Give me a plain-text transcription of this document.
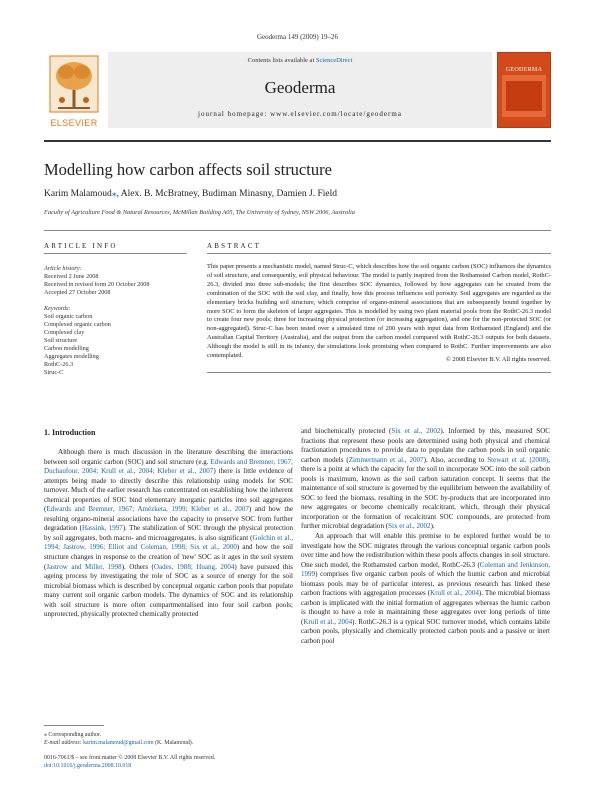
Geoderma 149 (2009) 19–26
ELSEVIER
Contents lists available at ScienceDirect
Geoderma
journal homepage: www.elsevier.com/locate/geoderma
GEODERMA
Modelling how carbon affects soil structure
Karim Malamoud⁎, Alex. B. McBratney, Budiman Minasny, Damien J. Field
Faculty of Agriculture Food & Natural Resources, McMillan Building A05, The University of Sydney, NSW 2006, Australia
ARTICLE INFO	ABSTRACT
Article history:
Received 2 June 2008
Received in revised form 20 October 2008
Accepted 27 October 2008
Keywords:
Soil organic carbon
Complexed organic carbon
Complexed clay
Soil structure
Carbon modelling
Aggregates modelling
RothC-26.3
Struc-C
This paper presents a mechanistic model, named Struc-C, which describes how the soil organic carbon (SOC) influences the dynamics of soil structure, and consequently, soil physical behaviour. The model is partly inspired from the Rothamsted Carbon model, RothC-26.3, divided into three sub-models; the first describes SOC dynamics, followed by how aggregates can be created from the combination of the SOC with the soil clay, and finally, how this process influences soil porosity. Soil aggregates are regarded as the elementary bricks building soil structure, which comprise of organo-mineral associations that are subsequently bound together by more SOC to form the skeleton of larger aggregates. This is modelled by using two plant material pools from the RothC-26.3 model to create four new pools; three for increasing physical protection (or increasing aggregation), and one for the non-protected SOC (or non-aggregated). Struc-C has been tested over a simulated time of 200 years with input data from Rothamsted (England) and the Australian Capital Territory (Australia), and the output from the carbon model compared with RothC-26.3 outputs for both datasets. Although the model is still in its infancy, the simulations look promising when compared to RothC. Further improvements are also contemplated.
© 2008 Elsevier B.V. All rights reserved.
1. Introduction

Although there is much discussion in the literature describing the interactions between soil organic carbon (SOC) and soil structure (e.g. Edwards and Bremner, 1967; Duchaufour, 2004; Krull et al., 2004; Kleber et al., 2007) there is little evidence of attempts being made to directly describe this relationship using models for SOC turnover. Much of the earlier research has concentrated on establishing how the inherent chemical properties of SOC bind elementary inorganic particles into soil aggregates (Edwards and Bremner, 1967; Amézketa, 1999; Kleber et al., 2007) and how the resulting organo-mineral associations have the capacity to preserve SOC from further degradation (Hassink, 1997). The stabilization of SOC through the physical protection by soil aggregates, both macro- and microaggregates, is also significant (Golchin et al., 1994; Jastrow, 1996; Elliot and Coleman, 1998; Six et al., 2000) and how the soil structure changes in response to the creation of 'new' SOC as it ages in the soil system (Jastrow and Miller, 1998). Others (Oades, 1988; Huang, 2004) have pursued this ageing process by investigating the role of SOC as a source of energy for the soil microbial biomass which is described by conceptual organic carbon pools that populate many current soil organic carbon models. The dynamics of SOC and its relationship with soil structure is more often compartmentalised into four soil carbon pools; unprotected, physically protected chemically protected

and biochemically protected (Six et al., 2002). Informed by this, measured SOC fractions that represent these pools are determined using both physical and chemical fractionation procedures to provide data to populate the carbon pools in soil organic carbon models (Zimmermann et al., 2007). Also, according to Stewart et al. (2008), there is a point at which the capacity for the soil to incorporate SOC into the soil carbon pools is maximum, known as the soil carbon saturation concept. It seems that the maintenance of soil structure is governed by the equilibrium between the availability of SOC to feed the biomass, resulting in the SOC by-products that are incorporated into new aggregates or become chemically recalcitrant, which, through their physical incorporation or the formation of recalcitrant SOC compounds, are protected from further microbial degradation (Six et al., 2002).

An approach that will enable this premise to be explored further would be to investigate how the SOC migrates through the various conceptual organic carbon pools over time and how the redistribution within these pools affects changes in soil structure. One such model, the Rothamsted carbon model, RothC-26.3 (Coleman and Jenkinson, 1999) comprises five organic carbon pools of which the humic carbon and microbial biomass pools may be of particular interest, as previous research has linked these carbon fractions with aggregation processes (Krull et al., 2004). The microbial biomass carbon is implicated with the initial formation of aggregates whereas the humic carbon is thought to have a role in maintaining these aggregates over long periods of time (Krull et al., 2004). RothC-26.3 is a typical SOC turnover model, which contains labile carbon pools, physically and chemically protected carbon pools and a passive or inert carbon pool

⁎ Corresponding author.
E-mail address: karim.malamoud@gmail.com (K. Malamoud).
0016-7061/$ – see front matter © 2008 Elsevier B.V. All rights reserved.
doi:10.1016/j.geoderma.2008.10.018
